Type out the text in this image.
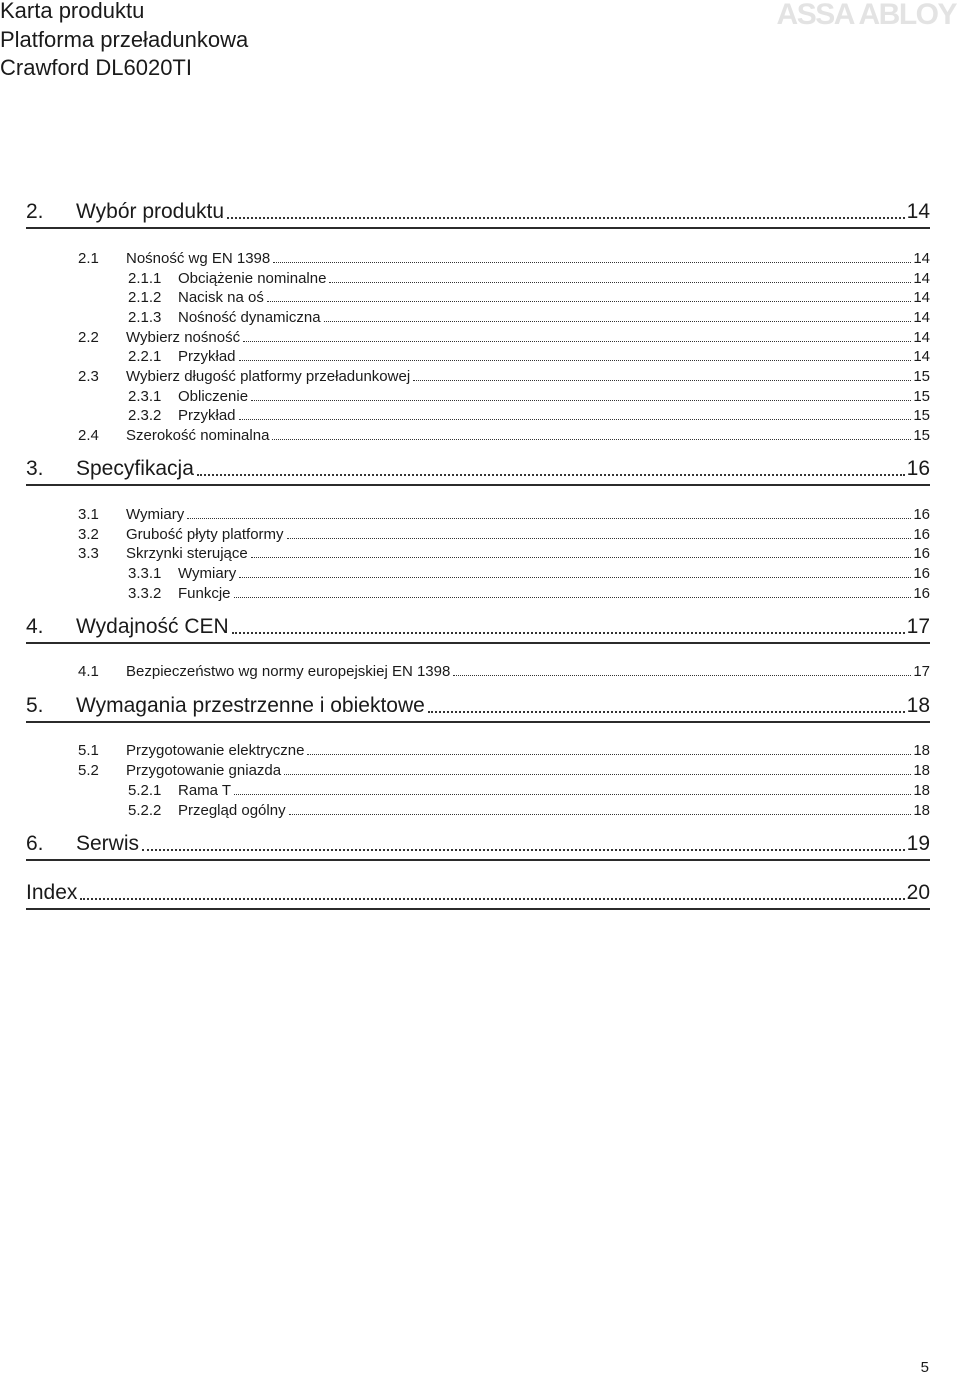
Karta produktu
Platforma przeładunkowa
Crawford DL6020TI
ASSA ABLOY
2.	Wybór produktu	14
2.1	Nośność wg EN 1398	14
2.1.1	Obciążenie nominalne	14
2.1.2	Nacisk na oś	14
2.1.3	Nośność dynamiczna	14
2.2	Wybierz nośność	14
2.2.1	Przykład	14
2.3	Wybierz długość platformy przeładunkowej	15
2.3.1	Obliczenie	15
2.3.2	Przykład	15
2.4	Szerokość nominalna	15
3.	Specyfikacja	16
3.1	Wymiary	16
3.2	Grubość płyty platformy	16
3.3	Skrzynki sterujące	16
3.3.1	Wymiary	16
3.3.2	Funkcje	16
4.	Wydajność CEN	17
4.1	Bezpieczeństwo wg normy europejskiej EN 1398	17
5.	Wymagania przestrzenne i obiektowe	18
5.1	Przygotowanie elektryczne	18
5.2	Przygotowanie gniazda	18
5.2.1	Rama T	18
5.2.2	Przegląd ogólny	18
6.	Serwis	19
Index	20
5
